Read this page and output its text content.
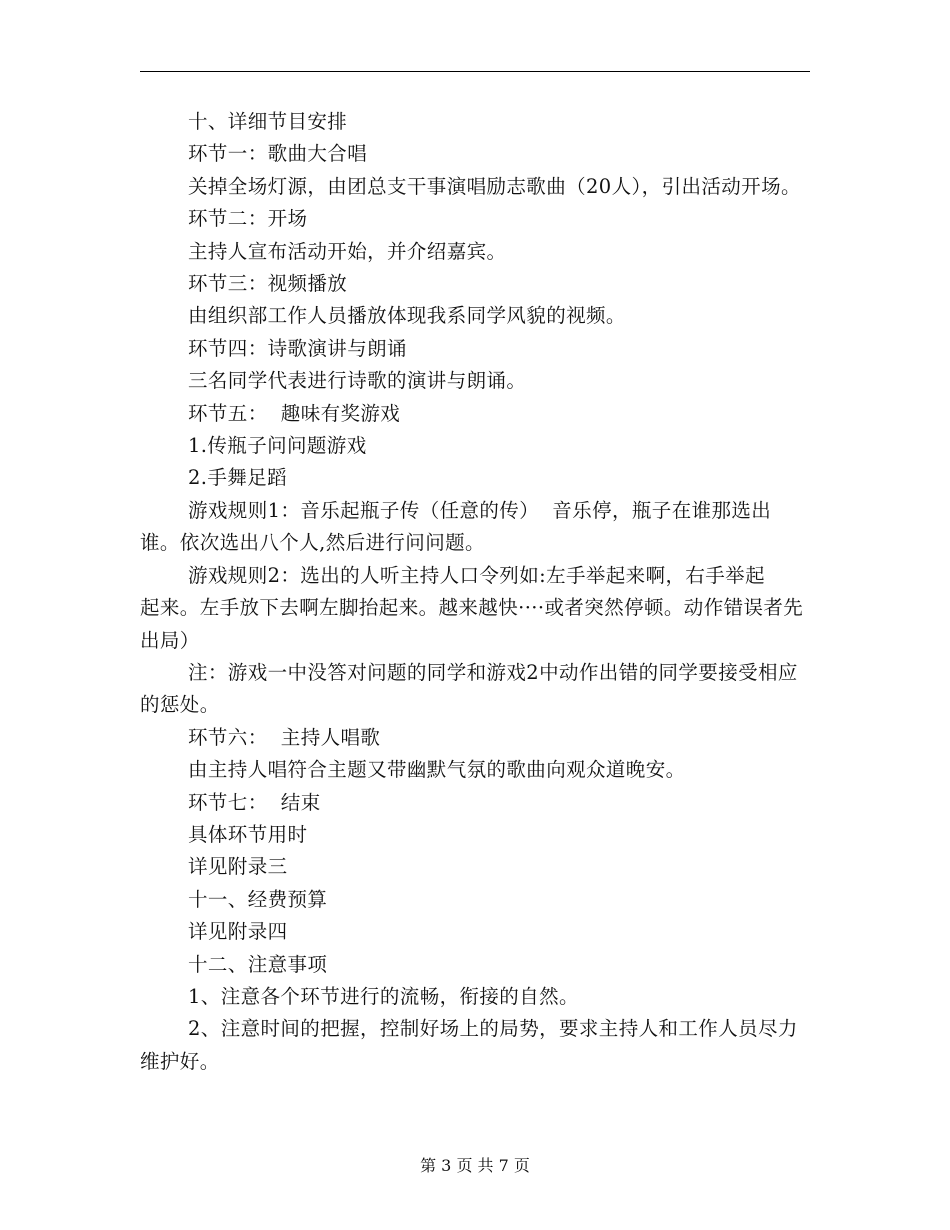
十、详细节目安排

环节一：歌曲大合唱

关掉全场灯源，由团总支干事演唱励志歌曲（20人），引出活动开场。

环节二：开场

主持人宣布活动开始，并介绍嘉宾。

环节三：视频播放

由组织部工作人员播放体现我系同学风貌的视频。

环节四：诗歌演讲与朗诵

三名同学代表进行诗歌的演讲与朗诵。

环节五：  趣味有奖游戏

1.传瓶子问问题游戏

2.手舞足蹈

游戏规则1：音乐起瓶子传（任意的传）  音乐停，瓶子在谁那选出谁。依次选出八个人,然后进行问问题。

游戏规则2：选出的人听主持人口令列如:左手举起来啊，右手举起      起来。左手放下去啊左脚抬起来。越来越快····或者突然停顿。动作错误者先出局）

注：游戏一中没答对问题的同学和游戏2中动作出错的同学要接受相应的惩处。

环节六：  主持人唱歌

由主持人唱符合主题又带幽默气氛的歌曲向观众道晚安。

环节七：  结束

具体环节用时

详见附录三

十一、经费预算

详见附录四

十二、注意事项

1、注意各个环节进行的流畅，衔接的自然。

2、注意时间的把握，控制好场上的局势，要求主持人和工作人员尽力维护好。

第 3 页 共 7 页
